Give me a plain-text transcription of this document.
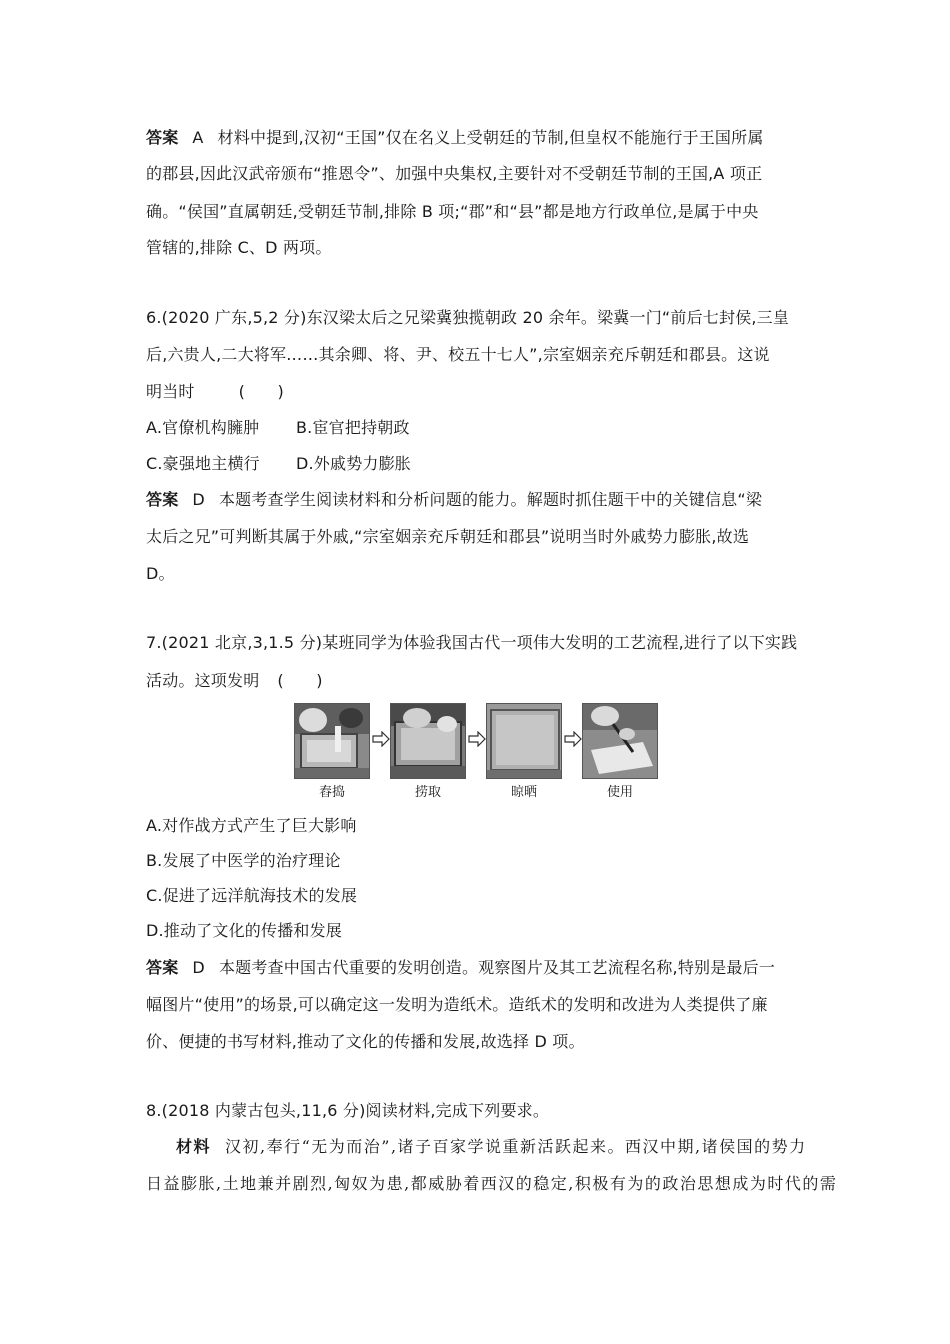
答案 A 材料中提到,汉初“王国”仅在名义上受朝廷的节制,但皇权不能施行于王国所属
的郡县,因此汉武帝颁布“推恩令”、加强中央集权,主要针对不受朝廷节制的王国,A 项正
确。“侯国”直属朝廷,受朝廷节制,排除 B 项;“郡”和“县”都是地方行政单位,是属于中央
管辖的,排除 C、D 两项。
6.(2020 广东,5,2 分)东汉梁太后之兄梁冀独揽朝政 20 余年。梁冀一门“前后七封侯,三皇
后,六贵人,二大将军……其余卿、将、尹、校五十七人”,宗室姻亲充斥朝廷和郡县。这说
明当时	(　　)
A.官僚机构臃肿 B.宦官把持朝政
C.豪强地主横行 D.外戚势力膨胀
答案 D 本题考查学生阅读材料和分析问题的能力。解题时抓住题干中的关键信息“梁
太后之兄”可判断其属于外戚,“宗室姻亲充斥朝廷和郡县”说明当时外戚势力膨胀,故选
D。
7.(2021 北京,3,1.5 分)某班同学为体验我国古代一项伟大发明的工艺流程,进行了以下实践
活动。这项发明 (　　)
舂捣	捞取	晾晒	使用
A.对作战方式产生了巨大影响
B.发展了中医学的治疗理论
C.促进了远洋航海技术的发展
D.推动了文化的传播和发展
答案 D 本题考查中国古代重要的发明创造。观察图片及其工艺流程名称,特别是最后一
幅图片“使用”的场景,可以确定这一发明为造纸术。造纸术的发明和改进为人类提供了廉
价、便捷的书写材料,推动了文化的传播和发展,故选择 D 项。
8.(2018 内蒙古包头,11,6 分)阅读材料,完成下列要求。
材料 汉初,奉行“无为而治”,诸子百家学说重新活跃起来。西汉中期,诸侯国的势力
日益膨胀,土地兼并剧烈,匈奴为患,都威胁着西汉的稳定,积极有为的政治思想成为时代的需
